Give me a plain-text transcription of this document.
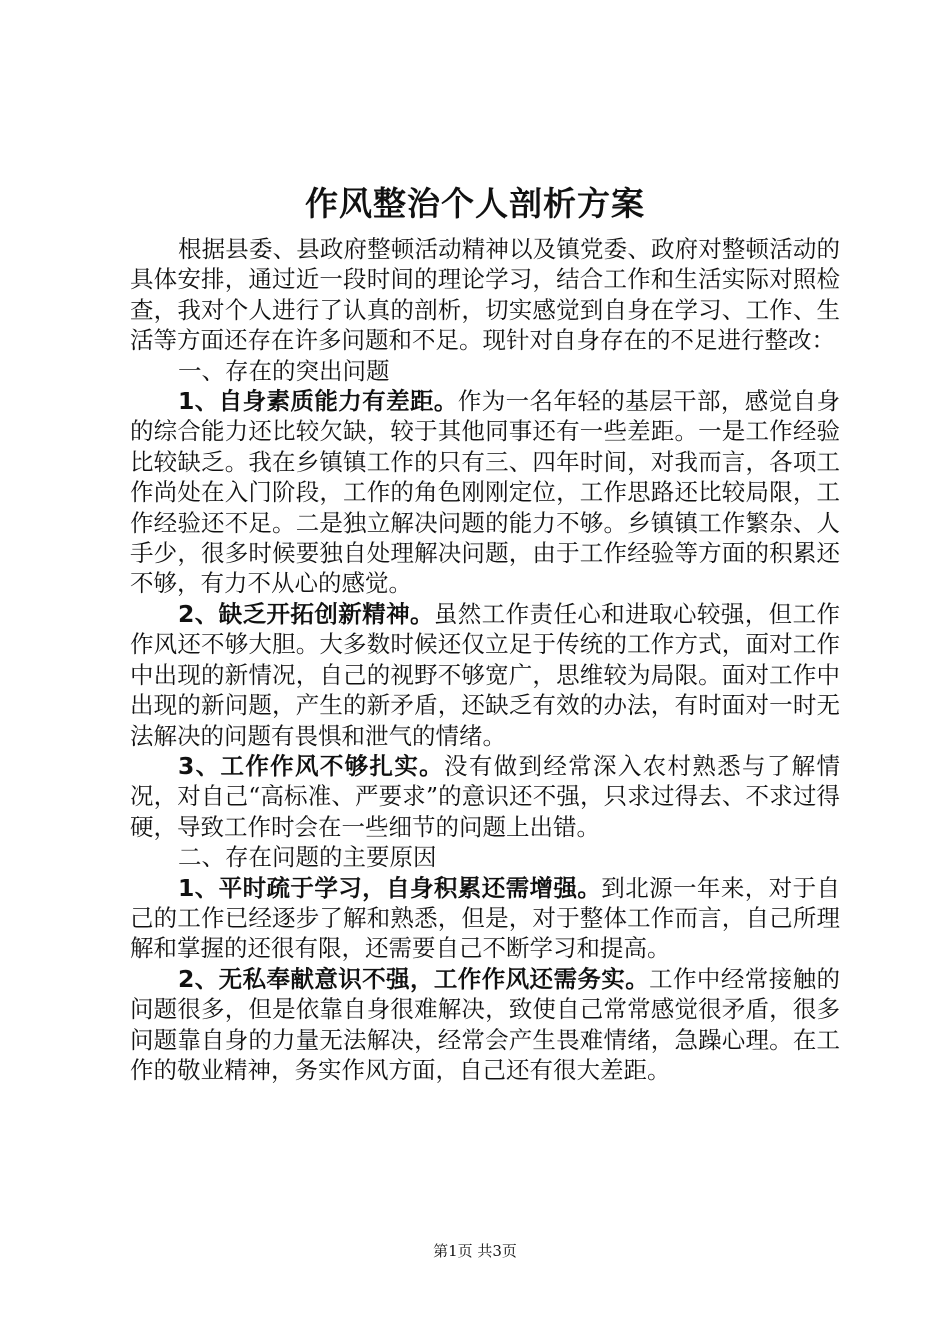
作风整治个人剖析方案

根据县委、县政府整顿活动精神以及镇党委、政府对整顿活动的具体安排，通过近一段时间的理论学习，结合工作和生活实际对照检查，我对个人进行了认真的剖析，切实感觉到自身在学习、工作、生活等方面还存在许多问题和不足。现针对自身存在的不足进行整改：

一、存在的突出问题

1、自身素质能力有差距。作为一名年轻的基层干部，感觉自身的综合能力还比较欠缺，较于其他同事还有一些差距。一是工作经验比较缺乏。我在乡镇镇工作的只有三、四年时间，对我而言，各项工作尚处在入门阶段，工作的角色刚刚定位，工作思路还比较局限，工作经验还不足。二是独立解决问题的能力不够。乡镇镇工作繁杂、人手少，很多时候要独自处理解决问题，由于工作经验等方面的积累还不够，有力不从心的感觉。

2、缺乏开拓创新精神。虽然工作责任心和进取心较强，但工作作风还不够大胆。大多数时候还仅立足于传统的工作方式，面对工作中出现的新情况，自己的视野不够宽广，思维较为局限。面对工作中出现的新问题，产生的新矛盾，还缺乏有效的办法，有时面对一时无法解决的问题有畏惧和泄气的情绪。

3、工作作风不够扎实。没有做到经常深入农村熟悉与了解情况，对自己“高标准、严要求”的意识还不强，只求过得去、不求过得硬，导致工作时会在一些细节的问题上出错。

二、存在问题的主要原因

1、平时疏于学习，自身积累还需增强。到北源一年来，对于自己的工作已经逐步了解和熟悉，但是，对于整体工作而言，自己所理解和掌握的还很有限，还需要自己不断学习和提高。

2、无私奉献意识不强，工作作风还需务实。工作中经常接触的问题很多，但是依靠自身很难解决，致使自己常常感觉很矛盾，很多问题靠自身的力量无法解决，经常会产生畏难情绪，急躁心理。在工作的敬业精神，务实作风方面，自己还有很大差距。

第1页 共3页
